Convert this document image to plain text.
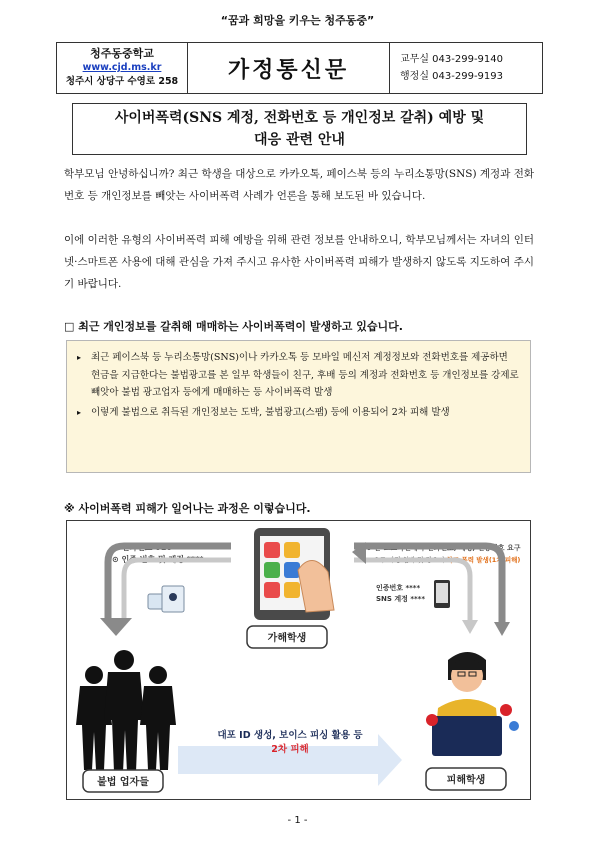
“꿈과 희망을 키우는 청주동중”
청주동중학교
www.cjd.ms.kr
청주시 상당구 수영로 258	가정통신문	교무실 043-299-9140
행정실 043-299-9193
사이버폭력(SNS 계정, 전화번호 등 개인정보 갈취) 예방 및
대응 관련 안내
학부모님 안녕하십니까? 최근 학생을 대상으로 카카오톡, 페이스북 등의 누리소통망(SNS) 계정과 전화번호 등 개인정보를 빼앗는 사이버폭력 사례가 언론을 통해 보도된 바 있습니다.
이에 이러한 유형의 사이버폭력 피해 예방을 위해 관련 정보를 안내하오니, 학부모님께서는 자녀의 인터넷·스마트폰 사용에 대해 관심을 가져 주시고 유사한 사이버폭력 피해가 발생하지 않도록 지도하여 주시기 바랍니다.
□ 최근 개인정보를 갈취해 매매하는 사이버폭력이 발생하고 있습니다.
▸ 최근 페이스북 등 누리소통망(SNS)이나 카카오톡 등 모바일 메신저 계정정보와 전화번호를 제공하면 현금을 지급한다는 불법광고를 본 일부 학생들이 친구, 후배 등의 계정과 전화번호 등 개인정보를 강제로 빼앗아 불법 광고업자 등에게 매매하는 등 사이버폭력 발생
▸ 이렇게 불법으로 취득된 개인정보는 도박, 불법광고(스팸) 등에 이용되어 2차 피해 발생
※ 사이버폭력 피해가 일어나는 과정은 이렇습니다.
⊙ 전화번호 010-****-**
⊙ 인증 번호 및 계정 ****
가해학생
⊙ 온·오프라인에서 전화번호, 계정, 인증번호 요구
⊙ 요구 과정 협박 및 강요의 학교 폭력 발생(1차 피해)
인증번호 ****
SNS 계정 ****
불법 업자들
대포 ID 생성, 보이스 피싱 활용 등
2차 피해
피해학생
- 1 -
